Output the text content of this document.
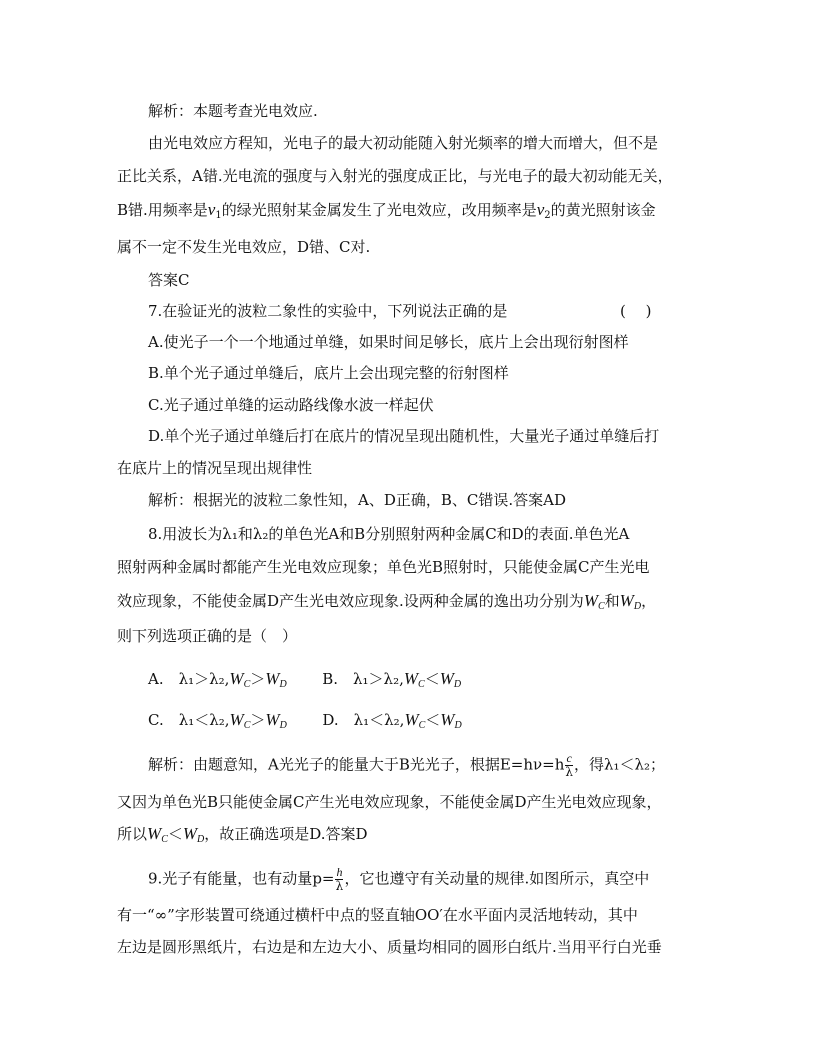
解析：本题考查光电效应.
由光电效应方程知，光电子的最大初动能随入射光频率的增大而增大，但不是
正比关系，A错.光电流的强度与入射光的强度成正比，与光电子的最大初动能无关，
B错.用频率是$\nu_1$的绿光照射某金属发生了光电效应，改用频率是$\nu_2$的黄光照射该金
属不一定不发生光电效应，D错、C对.
答案C
7.在验证光的波粒二象性的实验中，下列说法正确的是	(　 )
A.使光子一个一个地通过单缝，如果时间足够长，底片上会出现衍射图样
B.单个光子通过单缝后，底片上会出现完整的衍射图样
C.光子通过单缝的运动路线像水波一样起伏
D.单个光子通过单缝后打在底片的情况呈现出随机性，大量光子通过单缝后打
在底片上的情况呈现出规律性
解析：根据光的波粒二象性知，A、D正确，B、C错误.答案AD
8.用波长为λ₁和λ₂的单色光A和B分别照射两种金属C和D的表面.单色光A
照射两种金属时都能产生光电效应现象；单色光B照射时，只能使金属C产生光电
效应现象，不能使金属D产生光电效应现象.设两种金属的逸出功分别为$W_C$和$W_D$，
则下列选项正确的是（　）
A.　$\lambda_1>\lambda_2,W_C>W_D$ B.　$\lambda_1>\lambda_2,W_C<W_D$
C.　$\lambda_1<\lambda_2,W_C>W_D$ D.　$\lambda_1<\lambda_2,W_C<W_D$
解析：由题意知，A光光子的能量大于B光光子，根据$E=h\nu=h \frac{c}{\lambda}$ ，得λ₁＜λ₂；
又因为单色光B只能使金属C产生光电效应现象，不能使金属D产生光电效应现象，
所以$W_C<W_D$，故正确选项是D.答案D
9.光子有能量，也有动量$p= \frac{h}{\lambda}$ ，它也遵守有关动量的规律.如图所示，真空中
有一“∞”字形装置可绕通过横杆中点的竖直轴OO′在水平面内灵活地转动，其中
左边是圆形黑纸片，右边是和左边大小、质量均相同的圆形白纸片.当用平行白光垂
